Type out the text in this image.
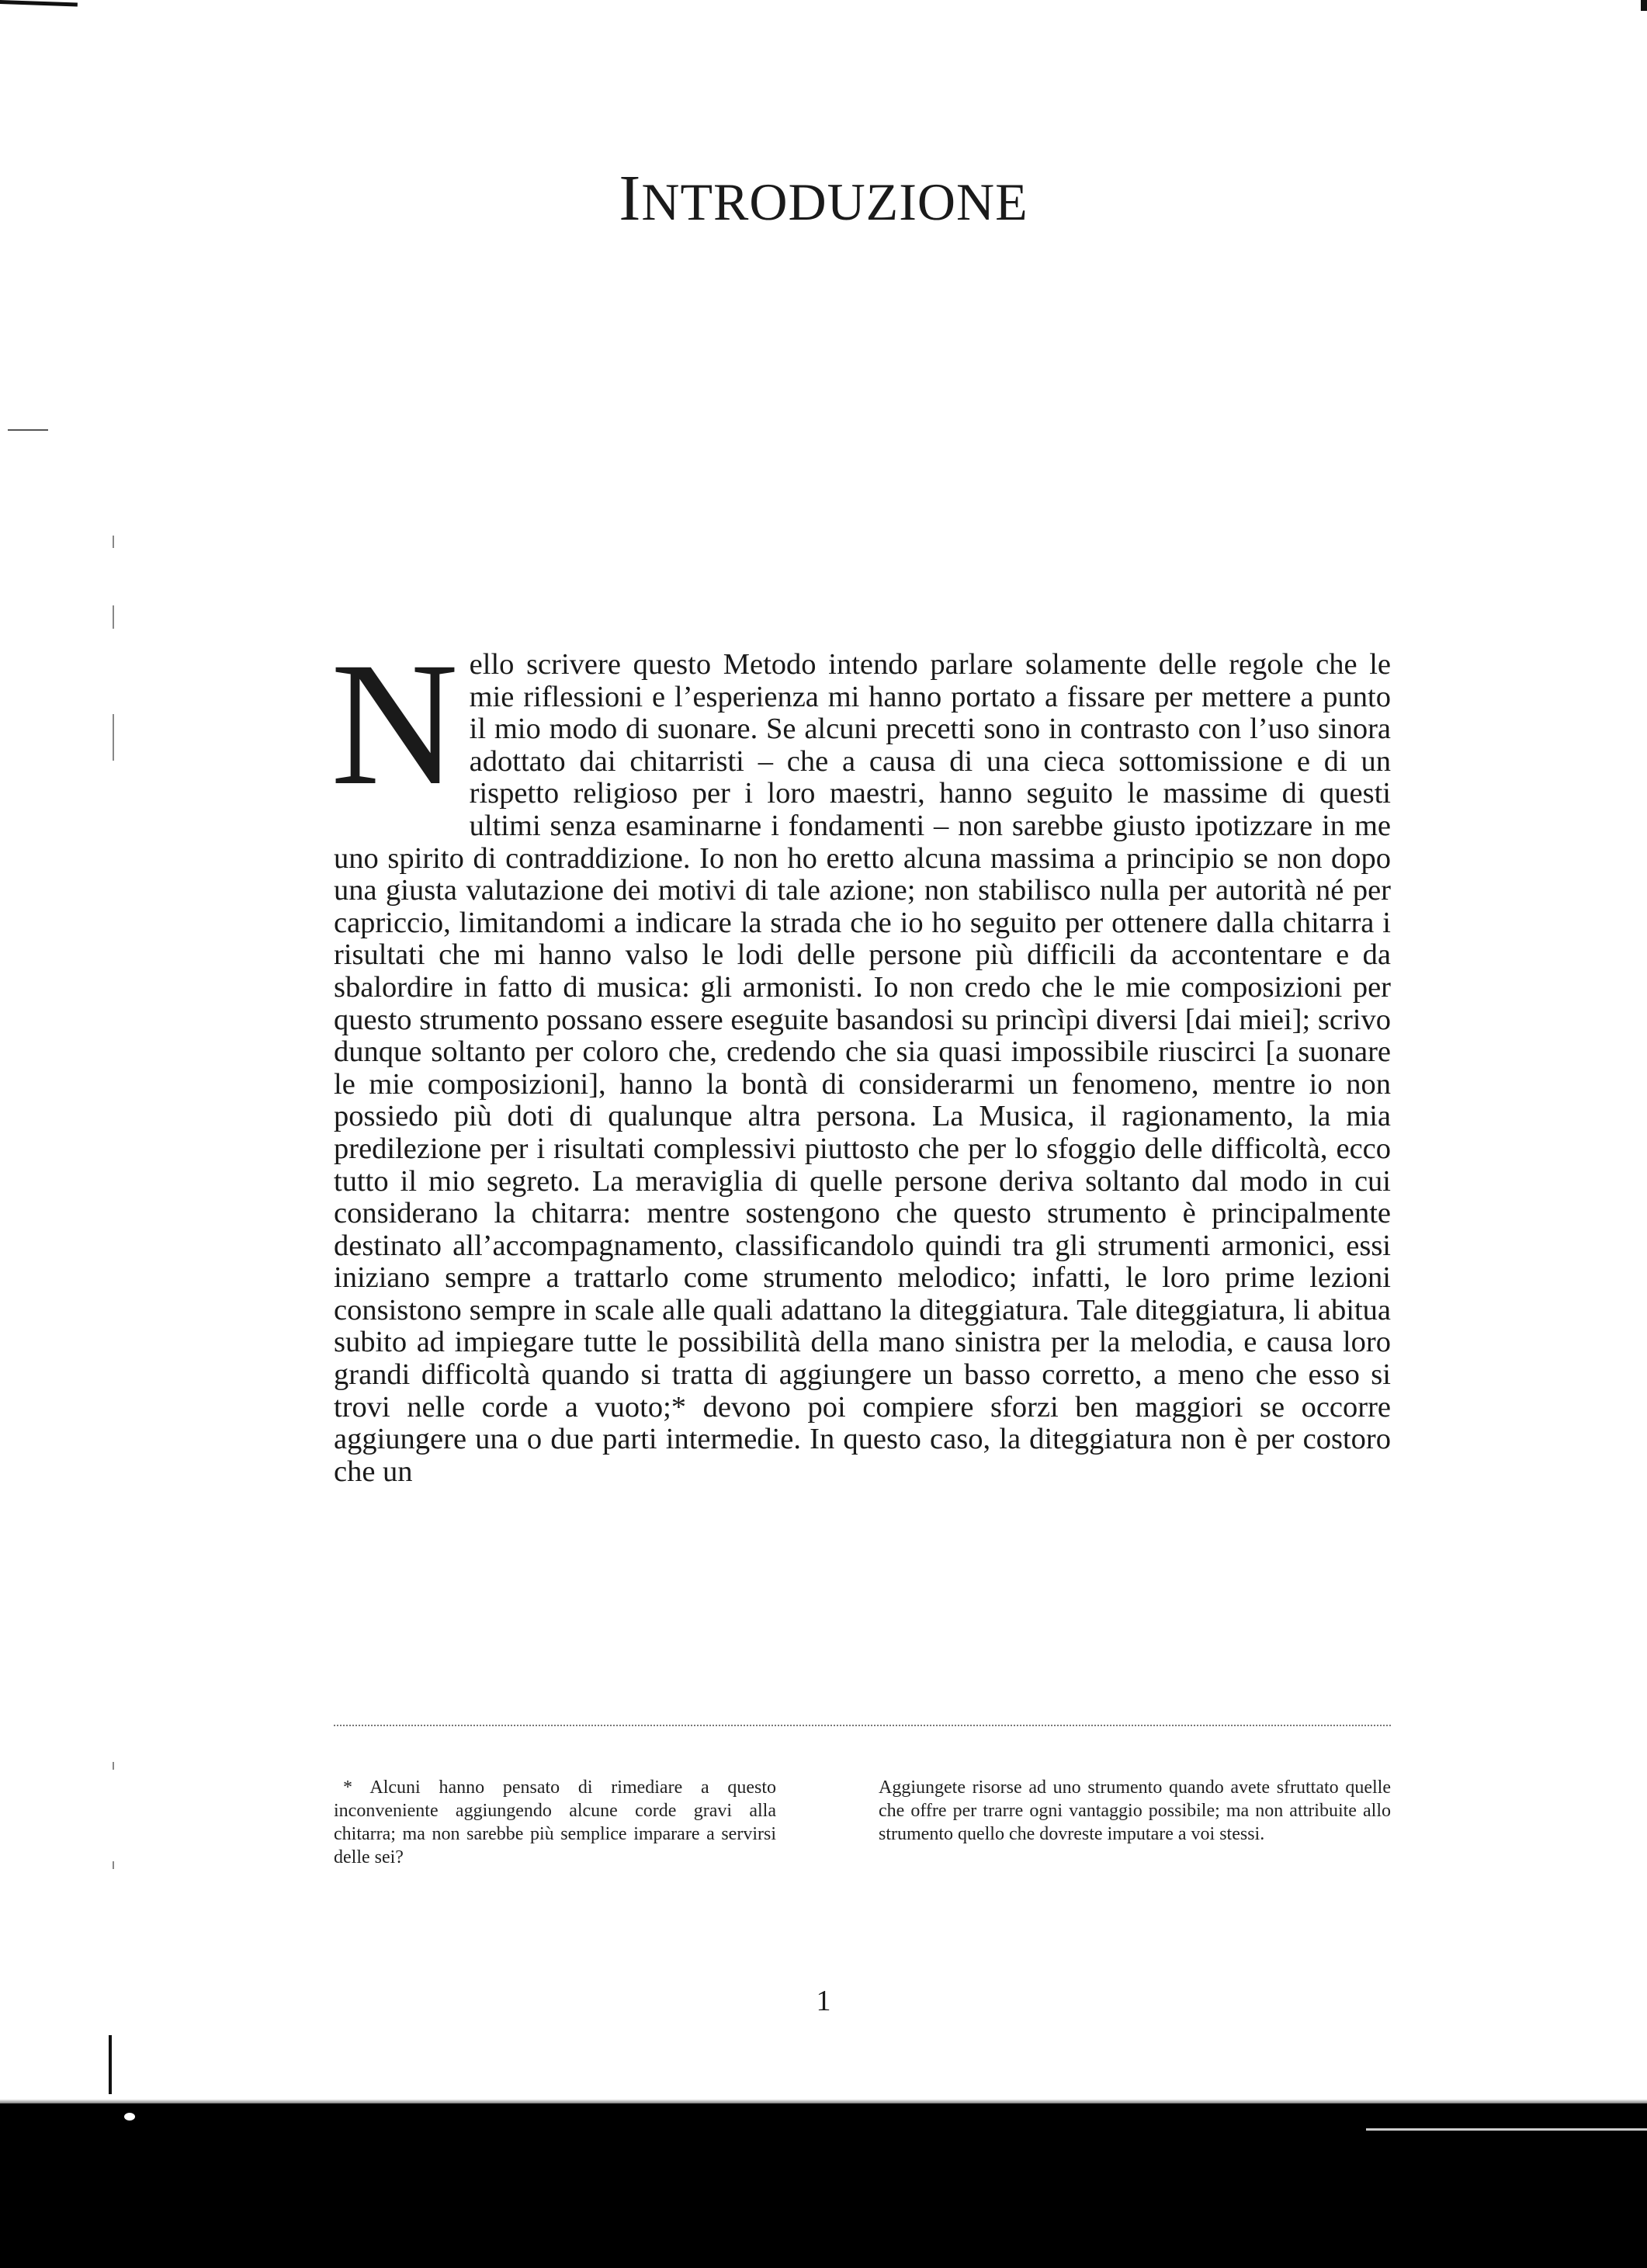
INTRODUZIONE
N ello scrivere questo Metodo intendo parlare solamente delle regole che le mie riflessioni e l’esperienza mi hanno portato a fissare per mettere a punto il mio modo di suonare. Se alcuni precetti sono in contrasto con l’uso sinora adottato dai chitarristi – che a causa di una cieca sottomissione e di un rispetto religioso per i loro maestri, hanno seguito le massime di questi ultimi senza esaminarne i fondamenti – non sarebbe giusto ipotizzare in me uno spirito di contraddizione. Io non ho eretto alcuna massima a principio se non dopo una giusta valutazione dei motivi di tale azione; non stabilisco nulla per autorità né per capriccio, limitandomi a indicare la strada che io ho seguito per ottenere dalla chitarra i risultati che mi hanno valso le lodi delle persone più difficili da accontentare e da sbalordire in fatto di musica: gli armonisti. Io non credo che le mie composizioni per questo strumento possano essere eseguite basandosi su princìpi diversi [dai miei]; scrivo dunque soltanto per coloro che, credendo che sia quasi impossibile riuscirci [a suonare le mie composizioni], hanno la bontà di considerarmi un fenomeno, mentre io non possiedo più doti di qualunque altra persona. La Musica, il ragionamento, la mia predilezione per i risultati complessivi piuttosto che per lo sfoggio delle difficoltà, ecco tutto il mio segreto. La meraviglia di quelle persone deriva soltanto dal modo in cui considerano la chitarra: mentre sostengono che questo strumento è principalmente destinato all’accompagnamento, classificandolo quindi tra gli strumenti armonici, essi iniziano sempre a trattarlo come strumento melodico; infatti, le loro prime lezioni consistono sempre in scale alle quali adattano la diteggiatura. Tale diteggiatura, li abitua subito ad impiegare tutte le possibilità della mano sinistra per la melodia, e causa loro grandi difficoltà quando si tratta di aggiungere un basso corretto, a meno che esso si trovi nelle corde a vuoto;* devono poi compiere sforzi ben maggiori se occorre aggiungere una o due parti intermedie. In questo caso, la diteggiatura non è per costoro che un
* Alcuni hanno pensato di rimediare a questo inconveniente aggiungendo alcune corde gravi alla chitarra; ma non sarebbe più semplice imparare a servirsi delle sei?
Aggiungete risorse ad uno strumento quando avete sfruttato quelle che offre per trarre ogni vantaggio possibile; ma non attribuite allo strumento quello che dovreste imputare a voi stessi.
1
